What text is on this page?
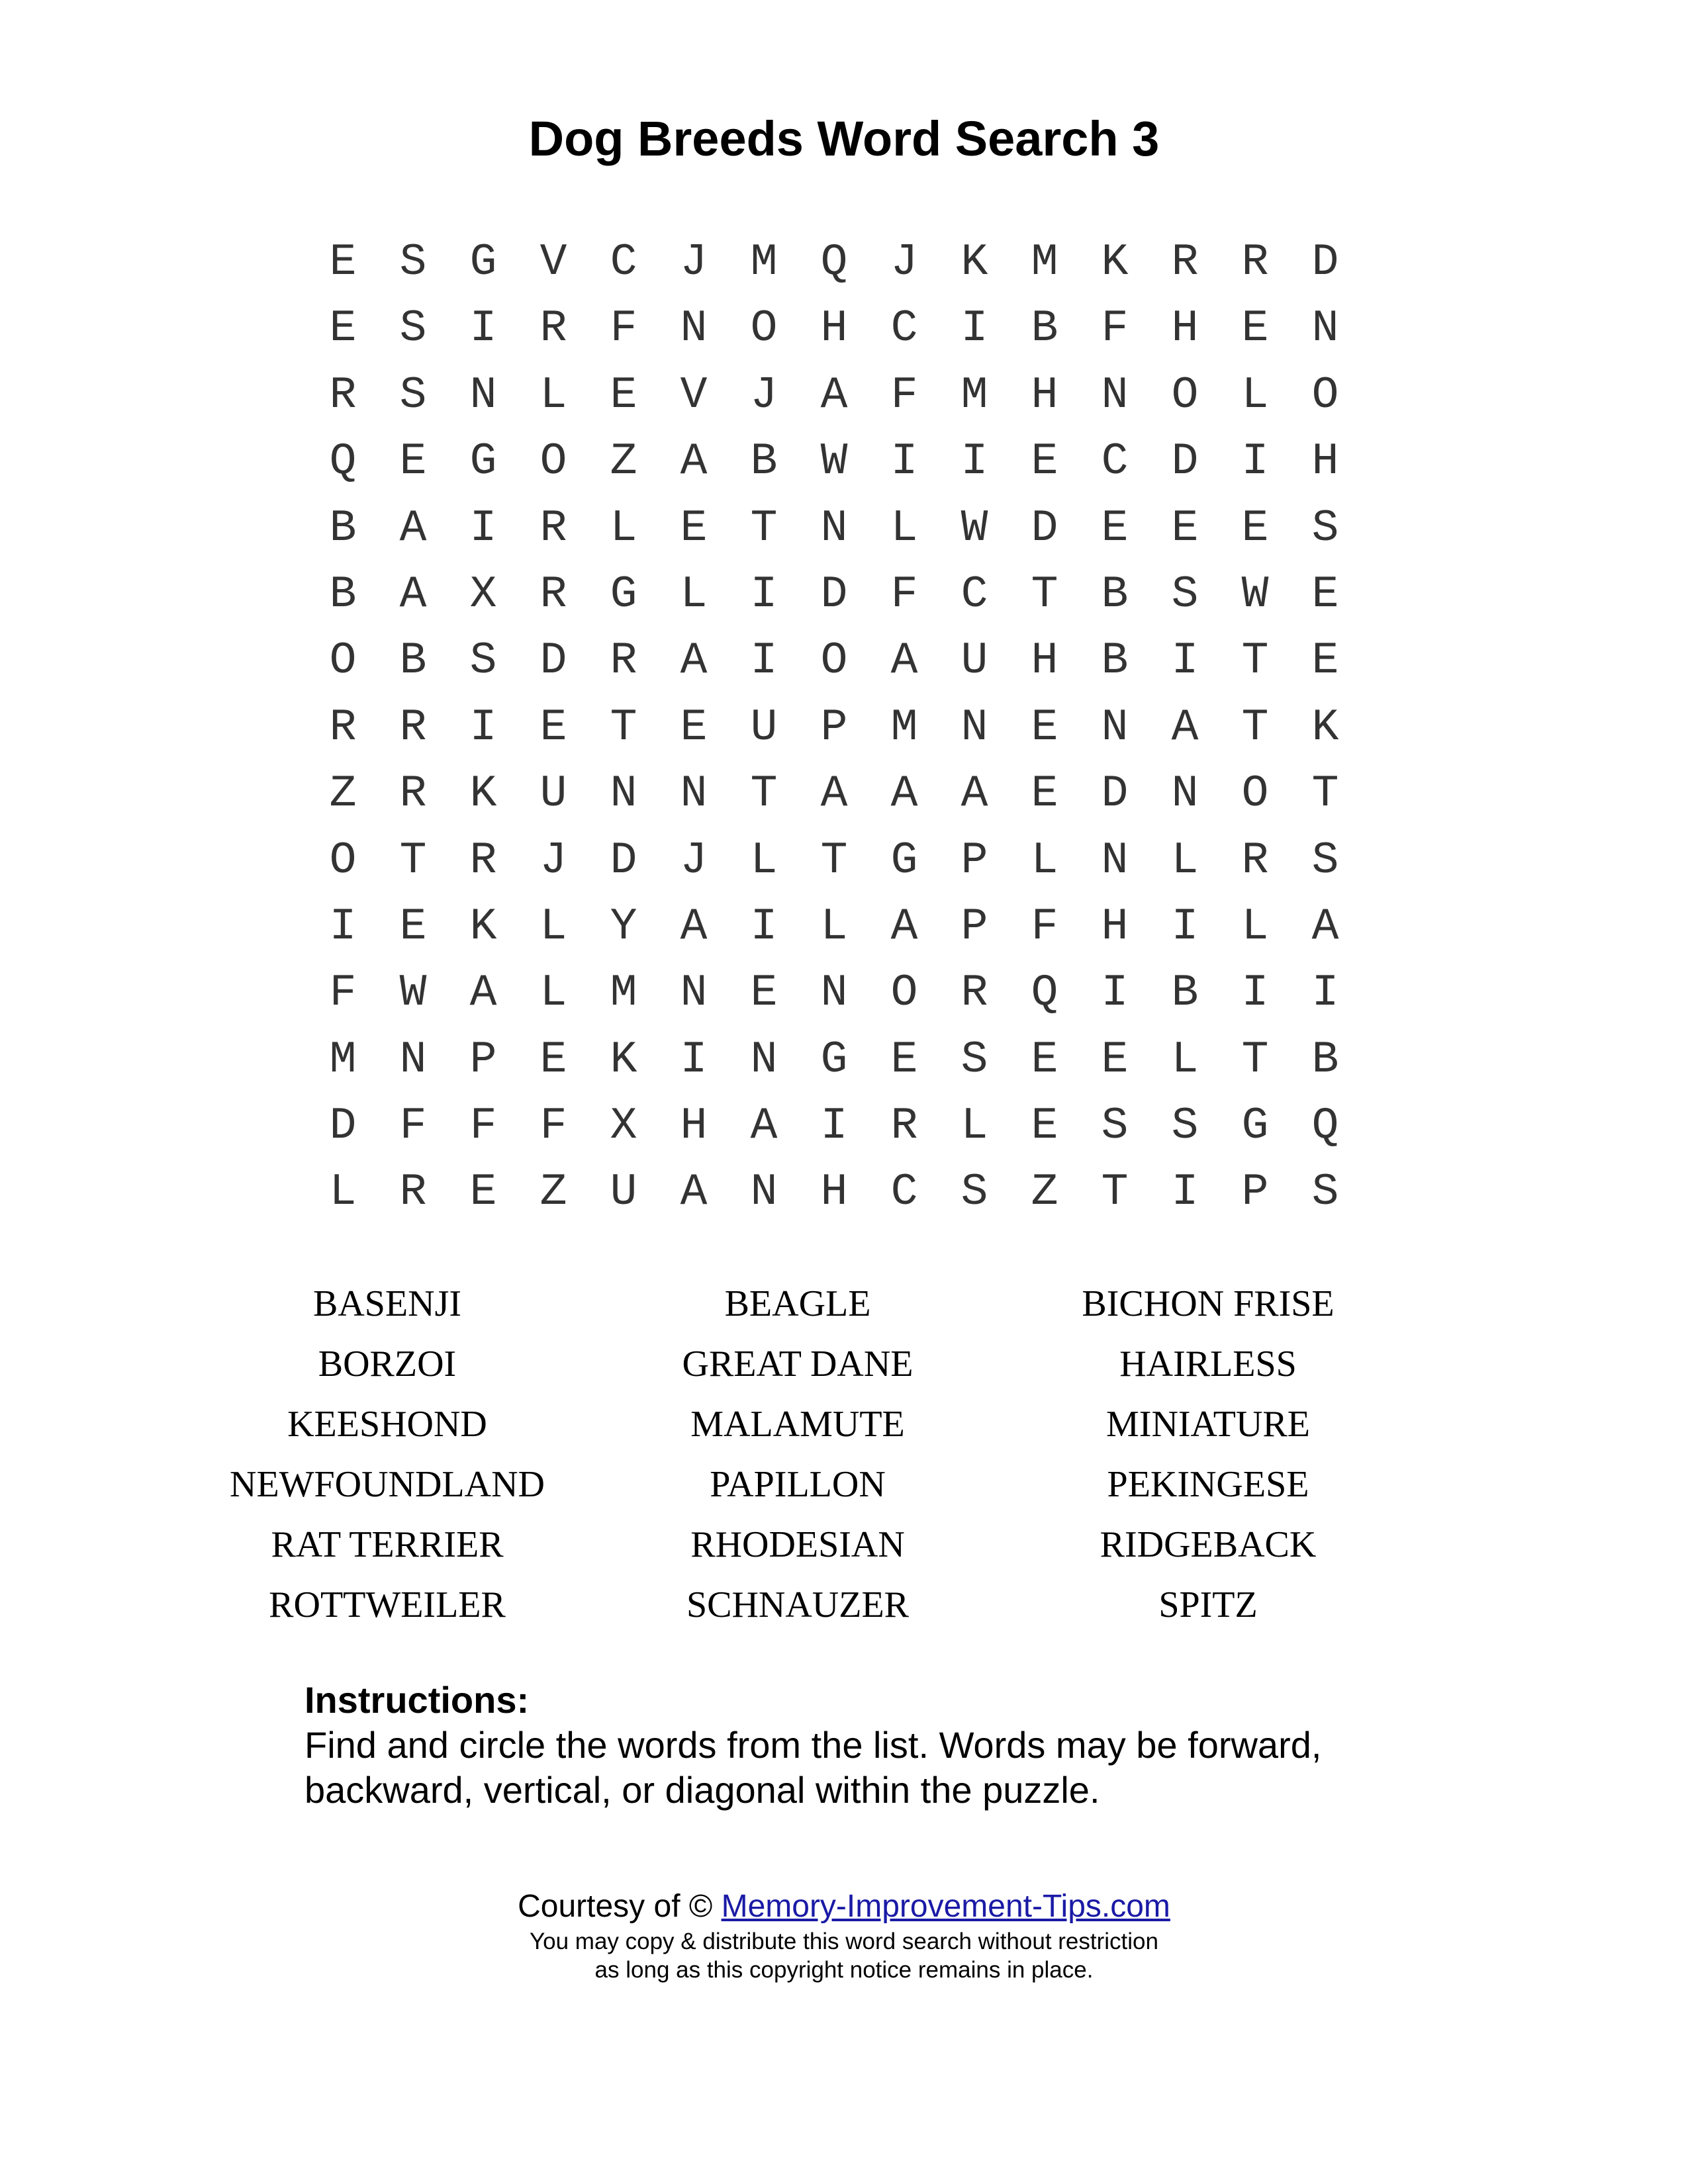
Dog Breeds Word Search 3
E S G V C J M Q J K M K R R D
E S I R F N O H C I B F H E N
R S N L E V J A F M H N O L O
Q E G O Z A B W I I E C D I H
B A I R L E T N L W D E E E S
B A X R G L I D F C T B S W E
O B S D R A I O A U H B I T E
R R I E T E U P M N E N A T K
Z R K U N N T A A A E D N O T
O T R J D J L T G P L N L R S
I E K L Y A I L A P F H I L A
F W A L M N E N O R Q I B I I
M N P E K I N G E S E E L T B
D F F F X H A I R L E S S G Q
L R E Z U A N H C S Z T I P S
BASENJI	BEAGLE	BICHON FRISE
BORZOI	GREAT DANE	HAIRLESS
KEESHOND	MALAMUTE	MINIATURE
NEWFOUNDLAND	PAPILLON	PEKINGESE
RAT TERRIER	RHODESIAN	RIDGEBACK
ROTTWEILER	SCHNAUZER	SPITZ
Instructions:
Find and circle the words from the list. Words may be forward,
backward, vertical, or diagonal within the puzzle.
Courtesy of © Memory-Improvement-Tips.com
You may copy & distribute this word search without restriction
as long as this copyright notice remains in place.
